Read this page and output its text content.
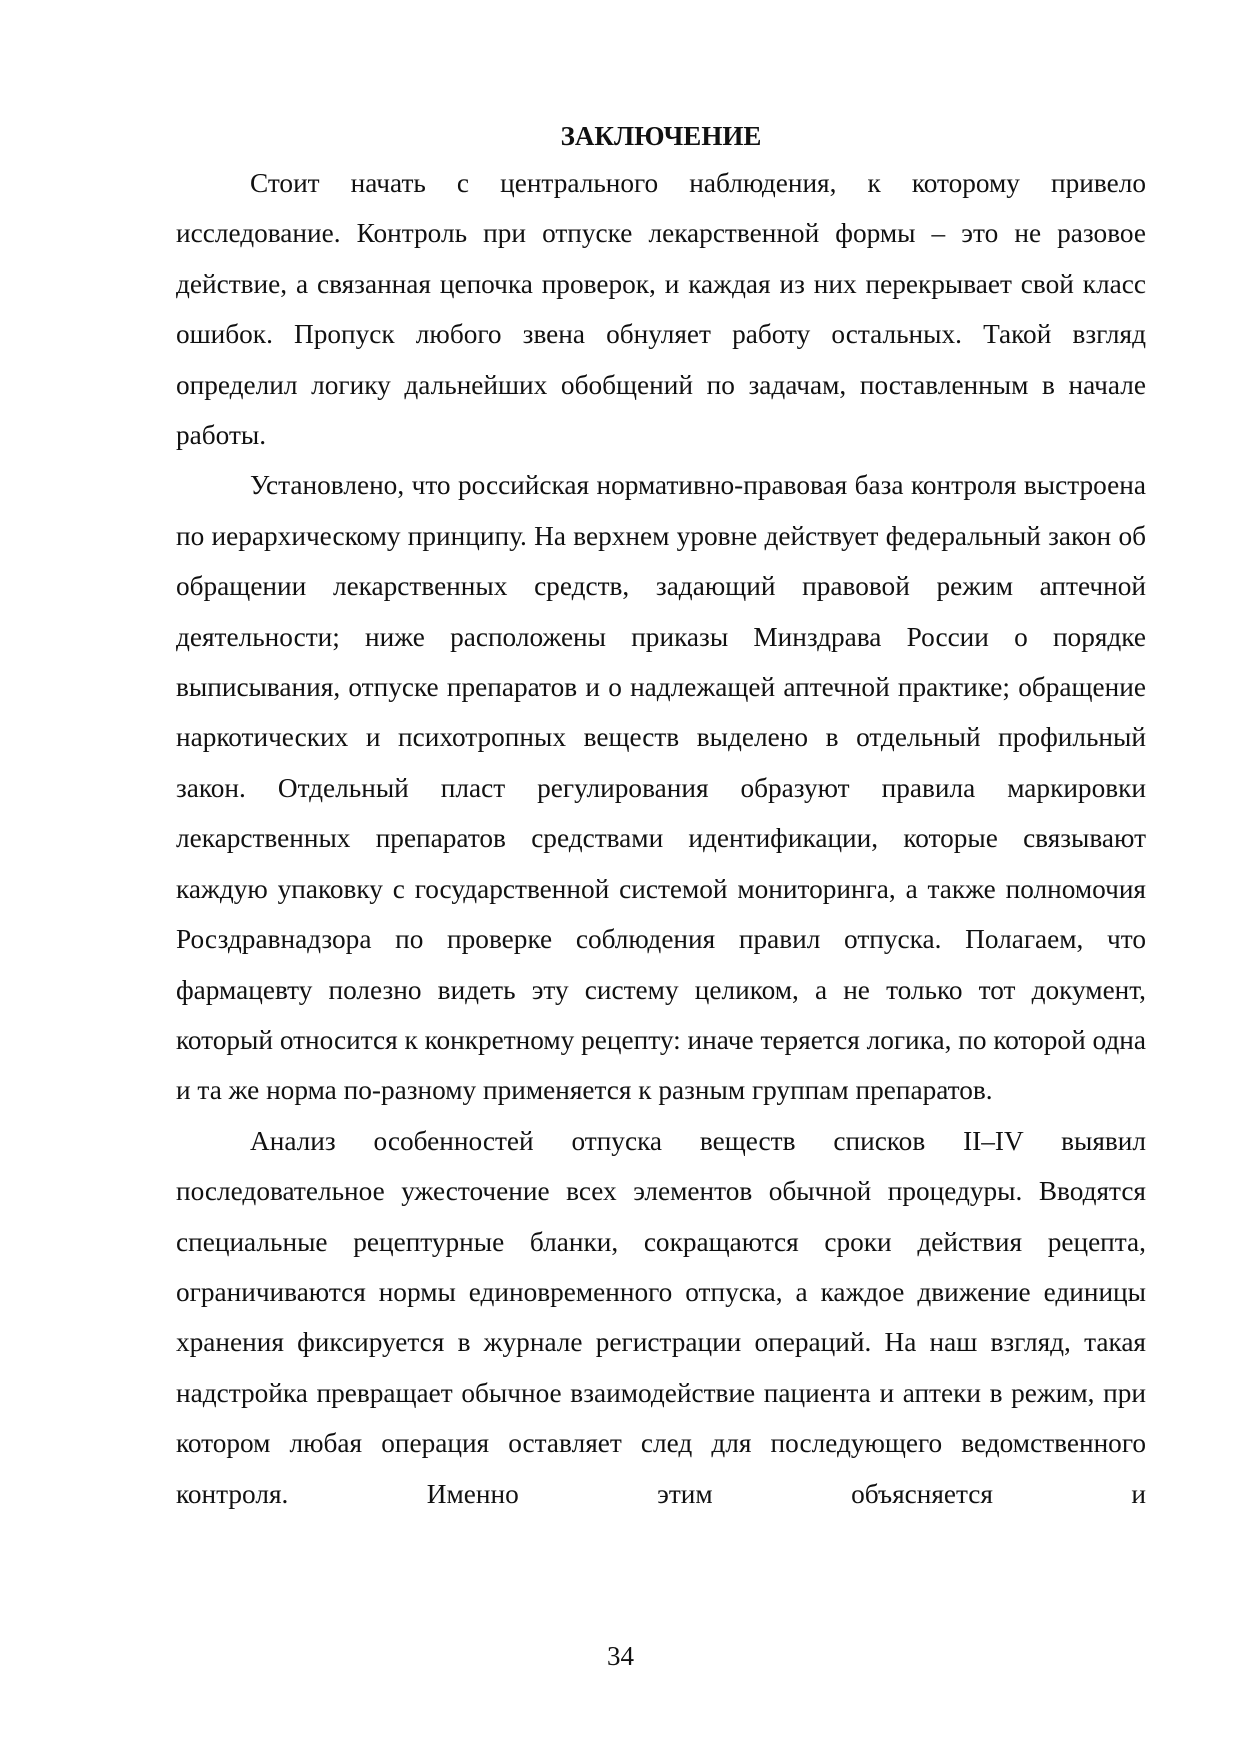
ЗАКЛЮЧЕНИЕ

Стоит начать с центрального наблюдения, к которому привело исследование. Контроль при отпуске лекарственной формы – это не разовое действие, а связанная цепочка проверок, и каждая из них перекрывает свой класс ошибок. Пропуск любого звена обнуляет работу остальных. Такой взгляд определил логику дальнейших обобщений по задачам, поставленным в начале работы.

Установлено, что российская нормативно-правовая база контроля выстроена по иерархическому принципу. На верхнем уровне действует федеральный закон об обращении лекарственных средств, задающий правовой режим аптечной деятельности; ниже расположены приказы Минздрава России о порядке выписывания, отпуске препаратов и о надлежащей аптечной практике; обращение наркотических и психотропных веществ выделено в отдельный профильный закон. Отдельный пласт регулирования образуют правила маркировки лекарственных препаратов средствами идентификации, которые связывают каждую упаковку с государственной системой мониторинга, а также полномочия Росздравнадзора по проверке соблюдения правил отпуска. Полагаем, что фармацевту полезно видеть эту систему целиком, а не только тот документ, который относится к конкретному рецепту: иначе теряется логика, по которой одна и та же норма по-разному применяется к разным группам препаратов.

Анализ особенностей отпуска веществ списков II–IV выявил последовательное ужесточение всех элементов обычной процедуры. Вводятся специальные рецептурные бланки, сокращаются сроки действия рецепта, ограничиваются нормы единовременного отпуска, а каждое движение единицы хранения фиксируется в журнале регистрации операций. На наш взгляд, такая надстройка превращает обычное взаимодействие пациента и аптеки в режим, при котором любая операция оставляет след для последующего ведомственного контроля. Именно этим объясняется и

34
